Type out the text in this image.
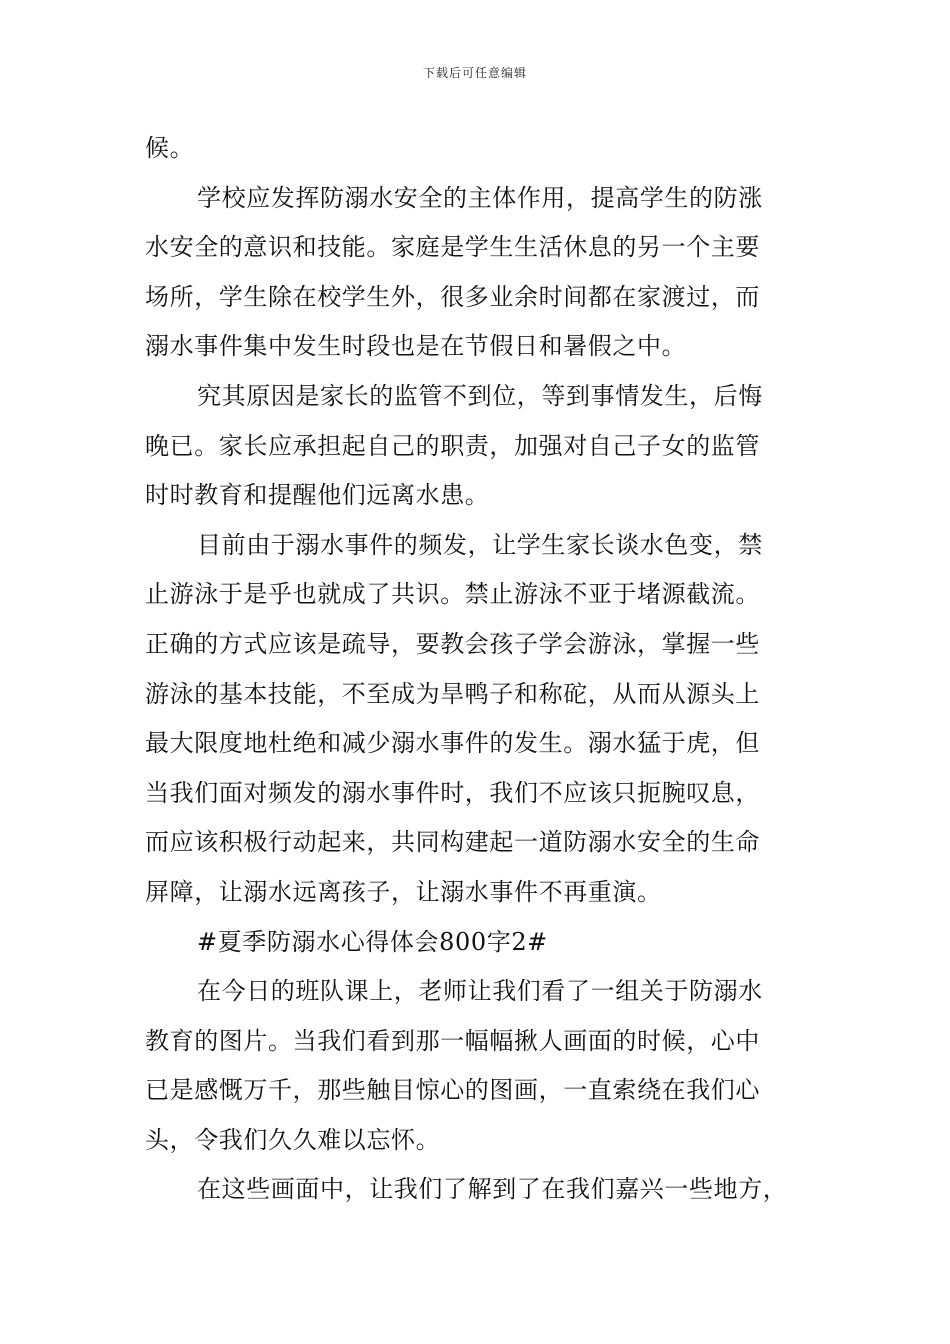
下载后可任意编辑
候。
学校应发挥防溺水安全的主体作用，提高学生的防涨
水安全的意识和技能。家庭是学生生活休息的另一个主要
场所，学生除在校学生外，很多业余时间都在家渡过，而
溺水事件集中发生时段也是在节假日和暑假之中。
究其原因是家长的监管不到位，等到事情发生，后悔
晚已。家长应承担起自己的职责，加强对自己子女的监管
时时教育和提醒他们远离水患。
目前由于溺水事件的频发，让学生家长谈水色变，禁
止游泳于是乎也就成了共识。禁止游泳不亚于堵源截流。
正确的方式应该是疏导，要教会孩子学会游泳，掌握一些
游泳的基本技能，不至成为旱鸭子和称砣，从而从源头上
最大限度地杜绝和减少溺水事件的发生。溺水猛于虎，但
当我们面对频发的溺水事件时，我们不应该只扼腕叹息，
而应该积极行动起来，共同构建起一道防溺水安全的生命
屏障，让溺水远离孩子，让溺水事件不再重演。
#夏季防溺水心得体会800字2#
在今日的班队课上，老师让我们看了一组关于防溺水
教育的图片。当我们看到那一幅幅揪人画面的时候，心中
已是感慨万千，那些触目惊心的图画，一直索绕在我们心
头，令我们久久难以忘怀。
在这些画面中，让我们了解到了在我们嘉兴一些地方，
